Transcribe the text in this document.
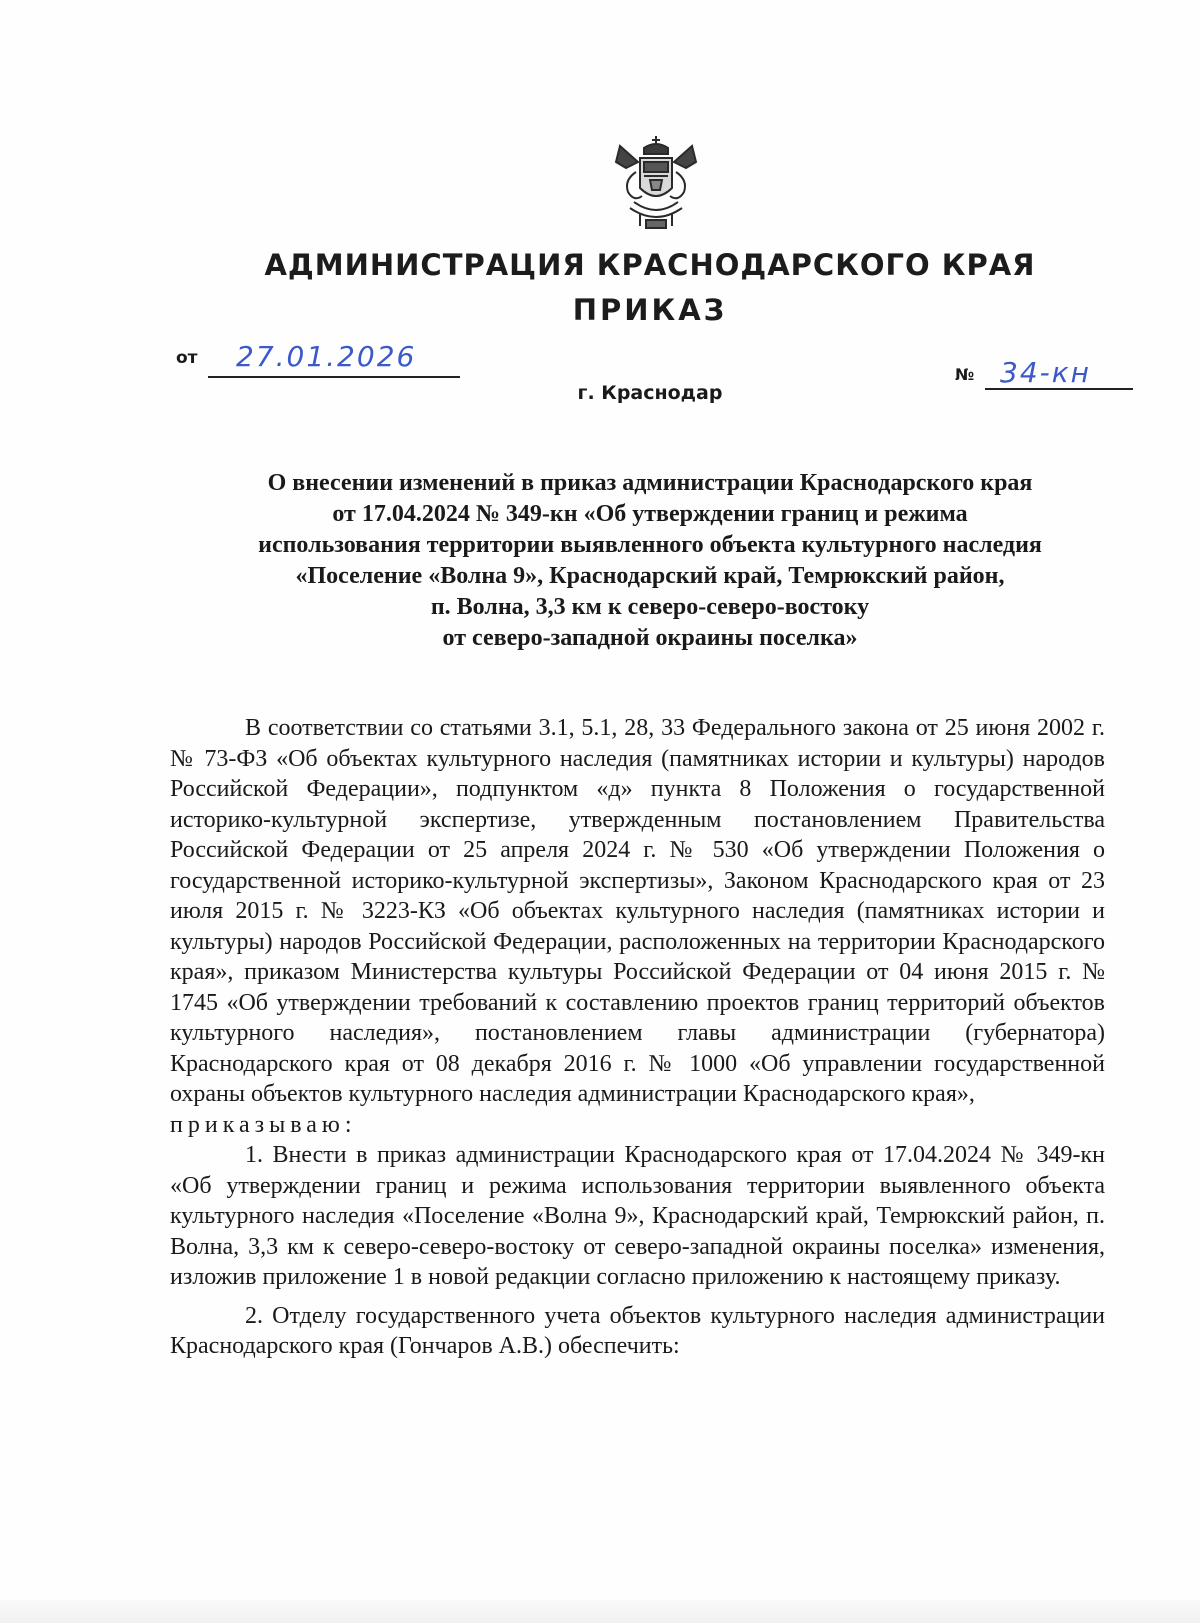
АДМИНИСТРАЦИЯ КРАСНОДАРСКОГО КРАЯ
ПРИКАЗ
от 27.01.2026
№ 34-кн
г. Краснодар
О внесении изменений в приказ администрации Краснодарского края
от 17.04.2024 № 349-кн «Об утверждении границ и режима
использования территории выявленного объекта культурного наследия
«Поселение «Волна 9», Краснодарский край, Темрюкский район,
п. Волна, 3,3 км к северо-северо-востоку
от северо-западной окраины поселка»

В соответствии со статьями 3.1, 5.1, 28, 33 Федерального закона от 25 июня 2002 г. № 73-ФЗ «Об объектах культурного наследия (памятниках истории и культуры) народов Российской Федерации», подпунктом «д» пункта 8 Положения о государственной историко-культурной экспертизе, утвержденным постановлением Правительства Российской Федерации от 25 апреля 2024 г. № 530 «Об утверждении Положения о государственной историко-культурной экспертизы», Законом Краснодарского края от 23 июля 2015 г. № 3223-КЗ «Об объектах культурного наследия (памятниках истории и культуры) народов Российской Федерации, расположенных на территории Краснодарского края», приказом Министерства культуры Российской Федерации от 04 июня 2015 г. № 1745 «Об утверждении требований к составлению проектов границ территорий объектов культурного наследия», постановлением главы администрации (губернатора) Краснодарского края от 08 декабря 2016 г. № 1000 «Об управлении государственной охраны объектов культурного наследия администрации Краснодарского края»,
приказываю:

1. Внести в приказ администрации Краснодарского края от 17.04.2024 № 349-кн «Об утверждении границ и режима использования территории выявленного объекта культурного наследия «Поселение «Волна 9», Краснодарский край, Темрюкский район, п. Волна, 3,3 км к северо-северо-востоку от северо-западной окраины поселка» изменения, изложив приложение 1 в новой редакции согласно приложению к настоящему приказу.

2. Отделу государственного учета объектов культурного наследия администрации Краснодарского края (Гончаров А.В.) обеспечить:
